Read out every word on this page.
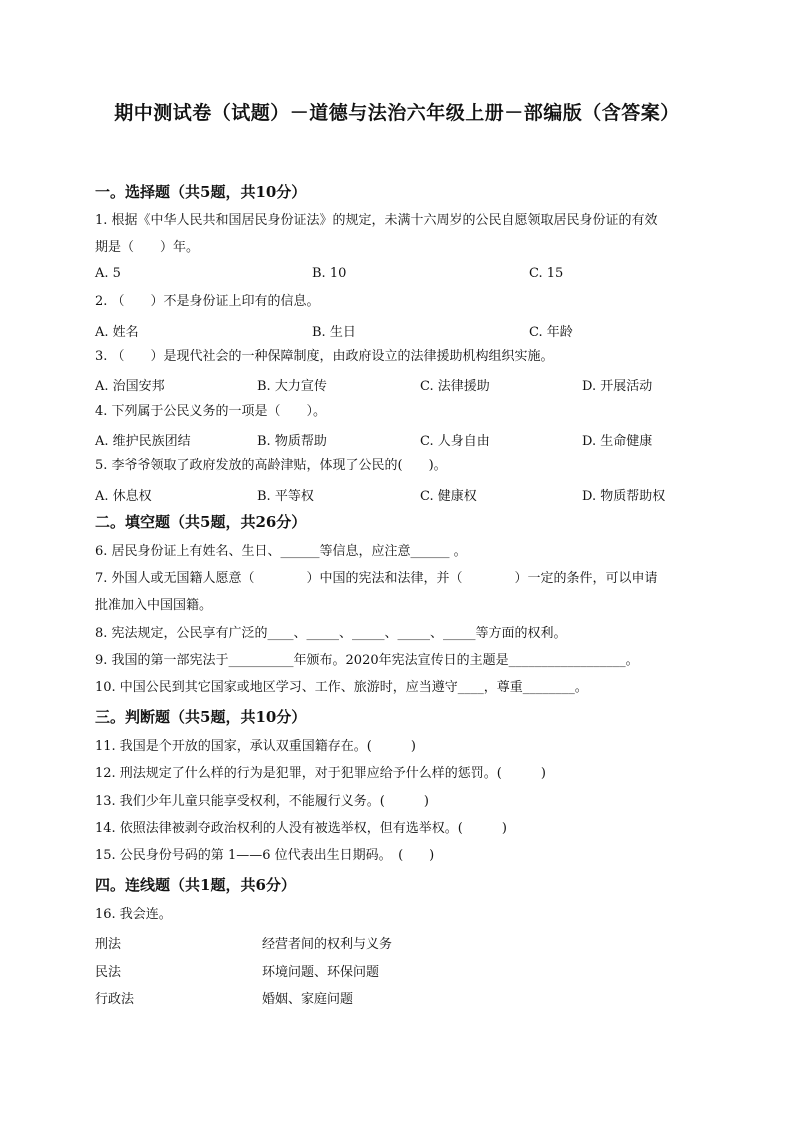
期中测试卷（试题）－道德与法治六年级上册－部编版（含答案）
一。选择题（共5题，共10分）
1. 根据《中华人民共和国居民身份证法》的规定，未满十六周岁的公民自愿领取居民身份证的有效
期是（　　）年。
A. 5	B. 10	C. 15
2. （　　）不是身份证上印有的信息。
A. 姓名	B. 生日	C. 年龄
3. （　　）是现代社会的一种保障制度，由政府设立的法律援助机构组织实施。
A. 治国安邦	B. 大力宣传	C. 法律援助	D. 开展活动
4. 下列属于公民义务的一项是（　　）。
A. 维护民族团结	B. 物质帮助	C. 人身自由	D. 生命健康
5. 李爷爷领取了政府发放的高龄津贴，体现了公民的(　　)。
A. 休息权	B. 平等权	C. 健康权	D. 物质帮助权
二。填空题（共5题，共26分）
6. 居民身份证上有姓名、生日、______等信息，应注意______ 。
7. 外国人或无国籍人愿意（　　　　）中国的宪法和法律，并（　　　　）一定的条件，可以申请
批准加入中国国籍。
8. 宪法规定，公民享有广泛的____、_____、_____、_____、_____等方面的权利。
9. 我国的第一部宪法于__________年颁布。2020年宪法宣传日的主题是__________________。
10. 中国公民到其它国家或地区学习、工作、旅游时，应当遵守____，尊重________。
三。判断题（共5题，共10分）
11. 我国是个开放的国家，承认双重国籍存在。(　　　)
12. 刑法规定了什么样的行为是犯罪，对于犯罪应给予什么样的惩罚。(　　　)
13. 我们少年儿童只能享受权利，不能履行义务。(　　　)
14. 依照法律被剥夺政治权利的人没有被选举权，但有选举权。(　　　)
15. 公民身份号码的第 1——6 位代表出生日期码。　(　　)
四。连线题（共1题，共6分）
16. 我会连。
刑法	经营者间的权利与义务
民法	环境问题、环保问题
行政法	婚姻、家庭问题
